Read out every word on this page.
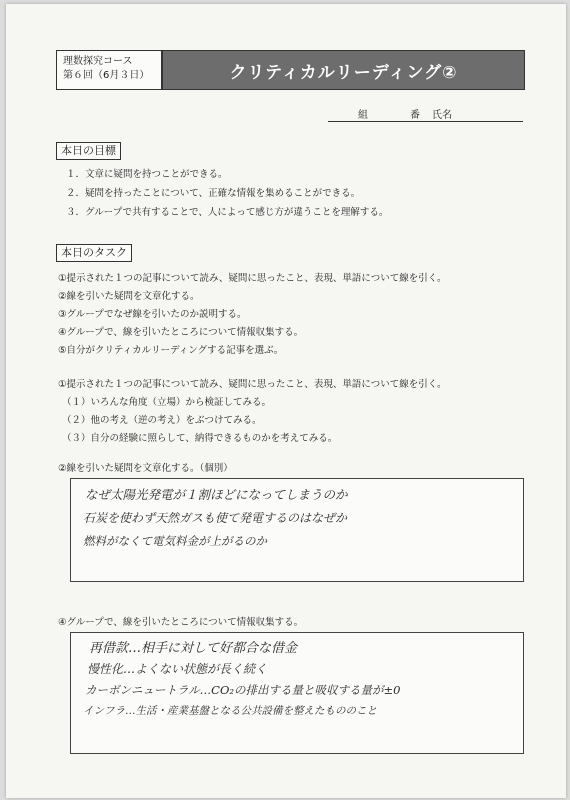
理数探究コース
第６回（6月３日）	クリティカルリーディング②
組	番 氏名
本日の目標
１．文章に疑問を持つことができる。
２．疑問を持ったことについて、正確な情報を集めることができる。
３．グループで共有することで、人によって感じ方が違うことを理解する。
本日のタスク
①提示された１つの記事について読み、疑問に思ったこと、表現、単語について線を引く。
②線を引いた疑問を文章化する。
③グループでなぜ線を引いたのか説明する。
④グループで、線を引いたところについて情報収集する。
⑤自分がクリティカルリーディングする記事を選ぶ。
①提示された１つの記事について読み、疑問に思ったこと、表現、単語について線を引く。
（１）いろんな角度（立場）から検証してみる。
（２）他の考え（逆の考え）をぶつけてみる。
（３）自分の経験に照らして、納得できるものかを考えてみる。
②線を引いた疑問を文章化する。（個別）
なぜ太陽光発電が１割ほどになってしまうのか
石炭を使わず天然ガスも使て発電するのはなぜか
燃料がなくて電気料金が上がるのか
④グループで、線を引いたところについて情報収集する。
再借款…相手に対して好都合な借金
慢性化…よくない状態が長く続く
カーボンニュートラル…CO₂の排出する量と吸収する量が±0
インフラ…生活・産業基盤となる公共設備を整えたもののこと
